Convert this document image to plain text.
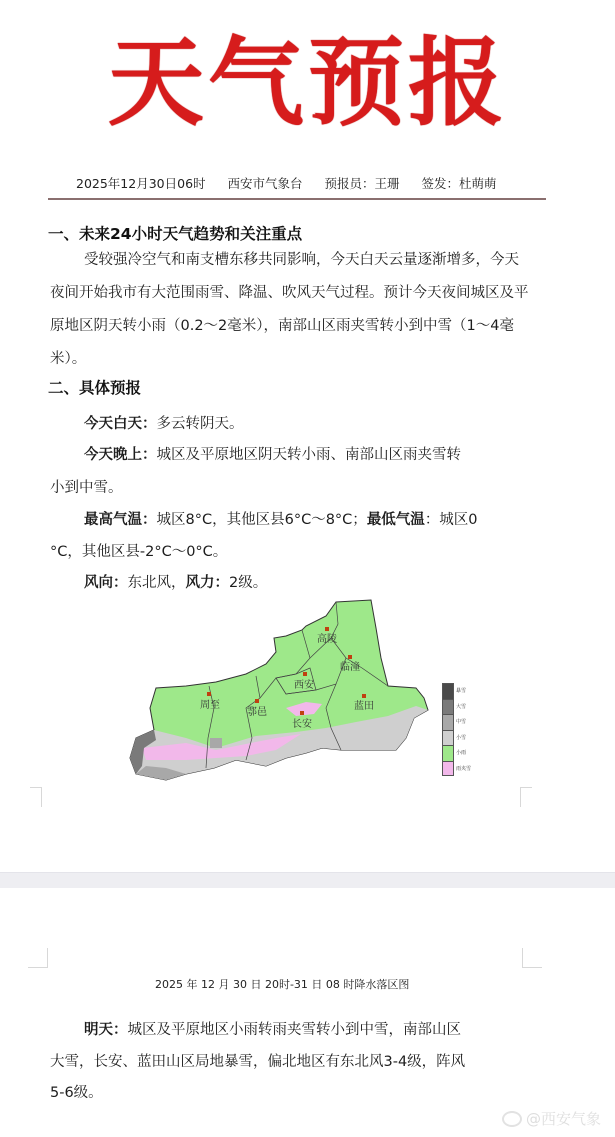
天气预报
2025年12月30日06时 西安市气象台 预报员：王珊 签发：杜萌萌
一、未来24小时天气趋势和关注重点
受较强冷空气和南支槽东移共同影响，今天白天云量逐渐增多，今天夜间开始我市有大范围雨雪、降温、吹风天气过程。预计今天夜间城区及平原地区阴天转小雨（0.2～2毫米），南部山区雨夹雪转小到中雪（1～4毫米）。
二、具体预报
今天白天：多云转阴天。
今天晚上：城区及平原地区阴天转小雨、南部山区雨夹雪转
小到中雪。
最高气温：城区8°C，其他区县6°C～8°C；最低气温：城区0
°C，其他区县-2°C～0°C。
风向：东北风，风力：2级。
高陵
临潼
西安
周至
鄠邑
长安
蓝田
暴雪
大雪
中雪
小雪
小雨
雨夹雪
2025 年 12 月 30 日 20时-31 日 08 时降水落区图
明天：城区及平原地区小雨转雨夹雪转小到中雪，南部山区
大雪，长安、蓝田山区局地暴雪，偏北地区有东北风3-4级，阵风
5-6级。
@西安气象
